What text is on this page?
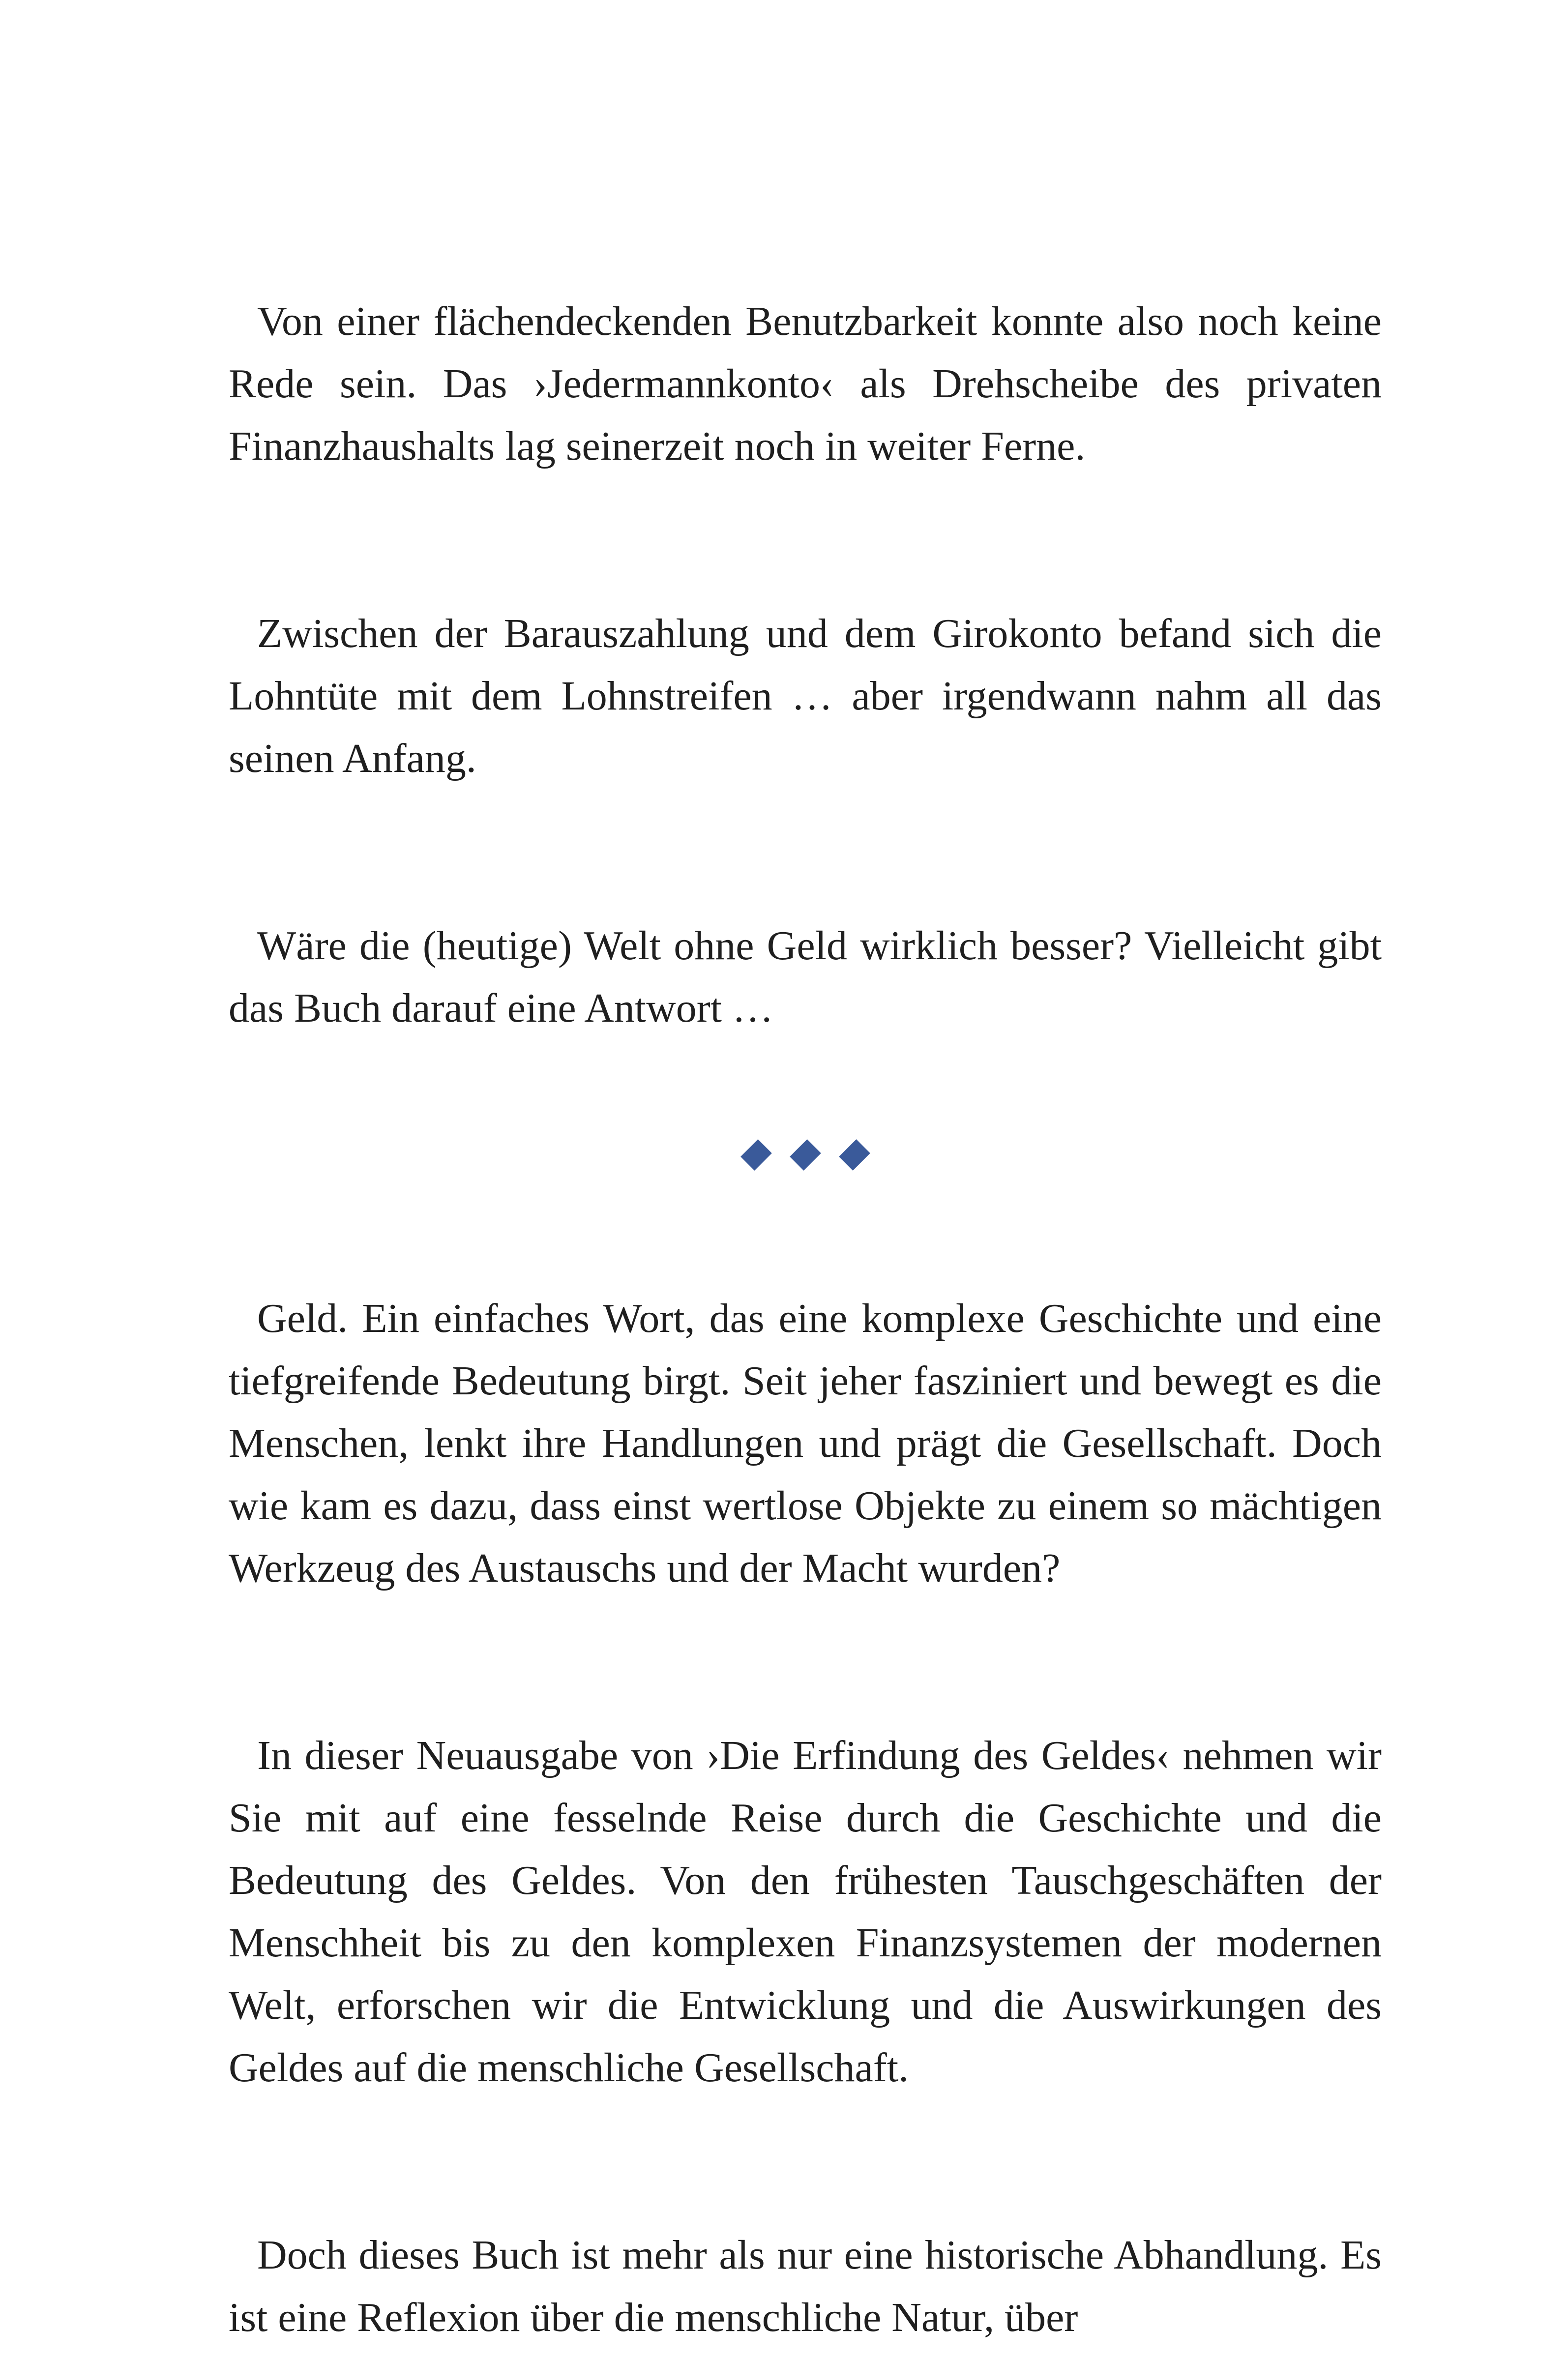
Von einer flächendeckenden Benutzbarkeit konnte also noch keine Rede sein. Das ›Jedermannkonto‹ als Drehscheibe des privaten Finanzhaushalts lag seinerzeit noch in weiter Ferne.

Zwischen der Barauszahlung und dem Girokonto befand sich die Lohntüte mit dem Lohnstreifen … aber irgendwann nahm all das seinen Anfang.

Wäre die (heutige) Welt ohne Geld wirklich besser? Vielleicht gibt das Buch darauf eine Antwort …

Geld. Ein einfaches Wort, das eine komplexe Geschichte und eine tiefgreifende Bedeutung birgt. Seit jeher fasziniert und bewegt es die Menschen, lenkt ihre Handlungen und prägt die Gesellschaft. Doch wie kam es dazu, dass einst wertlose Objekte zu einem so mächtigen Werkzeug des Austauschs und der Macht wurden?

In dieser Neuausgabe von ›Die Erfindung des Geldes‹ nehmen wir Sie mit auf eine fesselnde Reise durch die Geschichte und die Bedeutung des Geldes. Von den frühesten Tauschgeschäften der Menschheit bis zu den komplexen Finanzsystemen der modernen Welt, erforschen wir die Entwicklung und die Auswirkungen des Geldes auf die menschliche Gesellschaft.

Doch dieses Buch ist mehr als nur eine historische Abhandlung. Es ist eine Reflexion über die menschliche Natur, über
